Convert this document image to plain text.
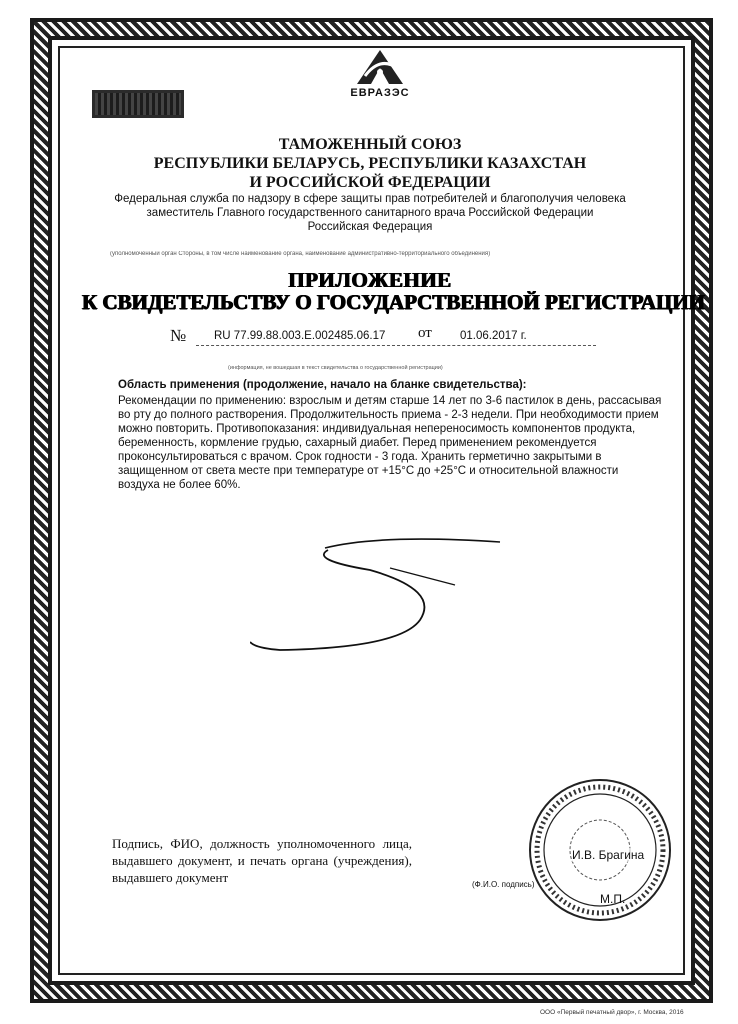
ЕВРАЗЭС
ТАМОЖЕННЫЙ СОЮЗ
РЕСПУБЛИКИ БЕЛАРУСЬ, РЕСПУБЛИКИ КАЗАХСТАН
И РОССИЙСКОЙ ФЕДЕРАЦИИ
Федеральная служба по надзору в сфере защиты прав потребителей и благополучия человека
заместитель Главного государственного санитарного врача Российской Федерации
Российская Федерация
(уполномоченный орган Стороны, в том числе наименование органа, наименование административно-территориального объединения)
ПРИЛОЖЕНИЕ
К СВИДЕТЕЛЬСТВУ О ГОСУДАРСТВЕННОЙ РЕГИСТРАЦИИ
№ RU 77.99.88.003.E.002485.06.17 от 01.06.2017 г.
(информация, не вошедшая в текст свидетельства о государственной регистрации)
Область применения (продолжение, начало на бланке свидетельства):
Рекомендации по применению: взрослым и детям старше 14 лет по 3-6 пастилок в день, рассасывая во рту до полного растворения. Продолжительность приема - 2-3 недели. При необходимости прием можно повторить. Противопоказания: индивидуальная непереносимость компонентов продукта, беременность, кормление грудью, сахарный диабет. Перед применением рекомендуется проконсультироваться с врачом. Срок годности - 3 года. Хранить герметично закрытыми в защищенном от света месте при температуре от +15°С до +25°С и относительной влажности воздуха не более 60%.
Подпись, ФИО, должность уполномоченного лица, выдавшего документ, и печать органа (учреждения), выдавшего документ
И.В. Брагина
(Ф.И.О. подпись)
М.П.
ООО «Первый печатный двор», г. Москва, 2016
